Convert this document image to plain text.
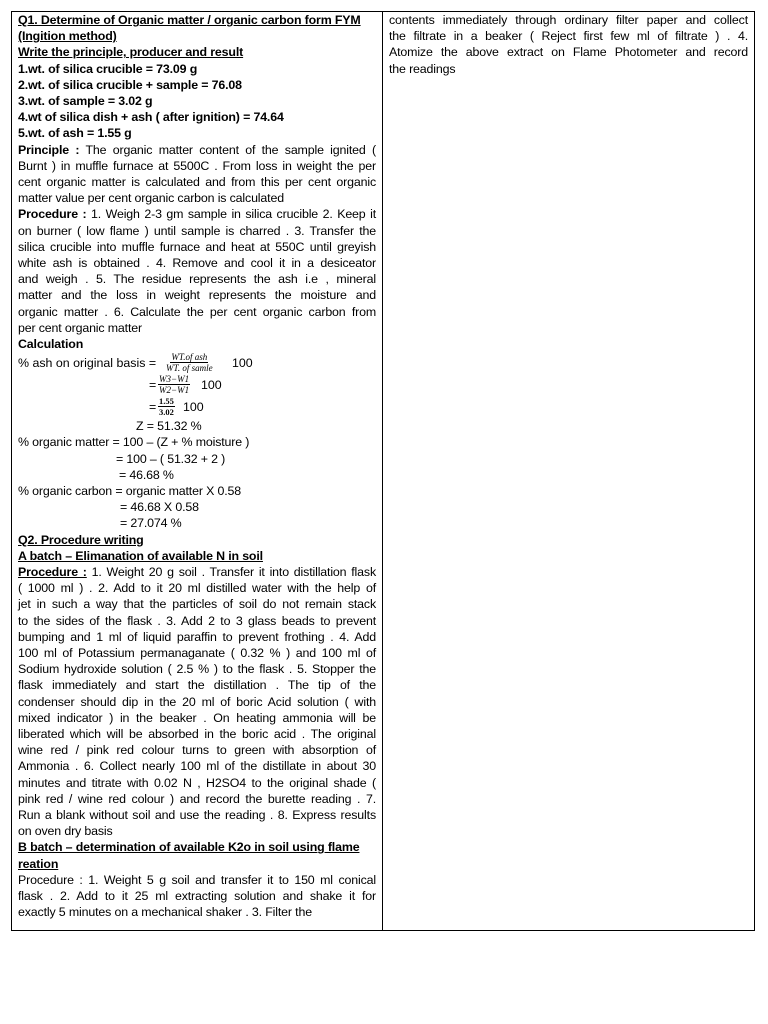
Q1. Determine of Organic matter / organic carbon form FYM
(Ingition method)
Write the principle, producer and result
1.wt. of silica crucible = 73.09 g
2.wt. of silica crucible + sample = 76.08
3.wt. of sample = 3.02 g
4.wt of silica dish + ash ( after ignition) = 74.64
5.wt. of ash = 1.55 g
Principle : The organic matter content of the sample ignited (
Burnt ) in muffle furnace at 5500C . From loss in weight the per
cent organic matter is calculated and from this per cent organic
matter value per cent organic carbon is calculated
Procedure : 1. Weigh 2-3 gm sample in silica crucible 2. Keep it
on burner ( low flame ) until sample is charred . 3. Transfer the
silica crucible into muffle furnace and heat at 550C until greyish
white ash is obtained . 4. Remove and cool it in a desiceator
and weigh . 5. The residue represents the ash i.e , mineral
matter and the loss in weight represents the moisture and
organic matter . 6. Calculate the per cent organic carbon from
per cent organic matter
Calculation
% ash on original basis = $\frac{\text{WT.of ash}}{\text{WT. of samle}} 100$
= $\frac{W3-W1}{W2-W1} 100$
= $\frac{1.55}{3.02} 100$
Z = 51.32 %
% organic matter = 100 – (Z + % moisture )
= 100 – ( 51.32 + 2 )
= 46.68 %
% organic carbon = organic matter X 0.58
= 46.68 X 0.58
= 27.074 %
Q2. Procedure writing
A batch – Elimanation of available N in soil
Procedure : 1. Weight 20 g soil . Transfer it into distillation flask
( 1000 ml ) . 2. Add to it 20 ml distilled water with the help of
jet in such a way that the particles of soil do not remain stack
to the sides of the flask . 3. Add 2 to 3 glass beads to prevent
bumping and 1 ml of liquid paraffin to prevent frothing . 4. Add
100 ml of Potassium permanaganate ( 0.32 % ) and 100 ml of
Sodium hydroxide solution ( 2.5 % ) to the flask . 5. Stopper the
flask immediately and start the distillation . The tip of the
condenser should dip in the 20 ml of boric Acid solution ( with
mixed indicator ) in the beaker . On heating ammonia will be
liberated which will be absorbed in the boric acid . The original
wine red / pink red colour turns to green with absorption of
Ammonia . 6. Collect nearly 100 ml of the distillate in about 30
minutes and titrate with 0.02 N , H2SO4 to the original shade (
pink red / wine red colour ) and record the burette reading . 7.
Run a blank without soil and use the reading . 8. Express results
on oven dry basis
B batch – determination of available K2o in soil using flame
reation
Procedure : 1. Weight 5 g soil and transfer it to 150 ml conical
flask . 2. Add to it 25 ml extracting solution and shake it for
exactly 5 minutes on a mechanical shaker . 3. Filter the
contents immediately through ordinary filter paper and collect
the filtrate in a beaker ( Reject first few ml of filtrate ) . 4.
Atomize the above extract on Flame Photometer and record
the readings
